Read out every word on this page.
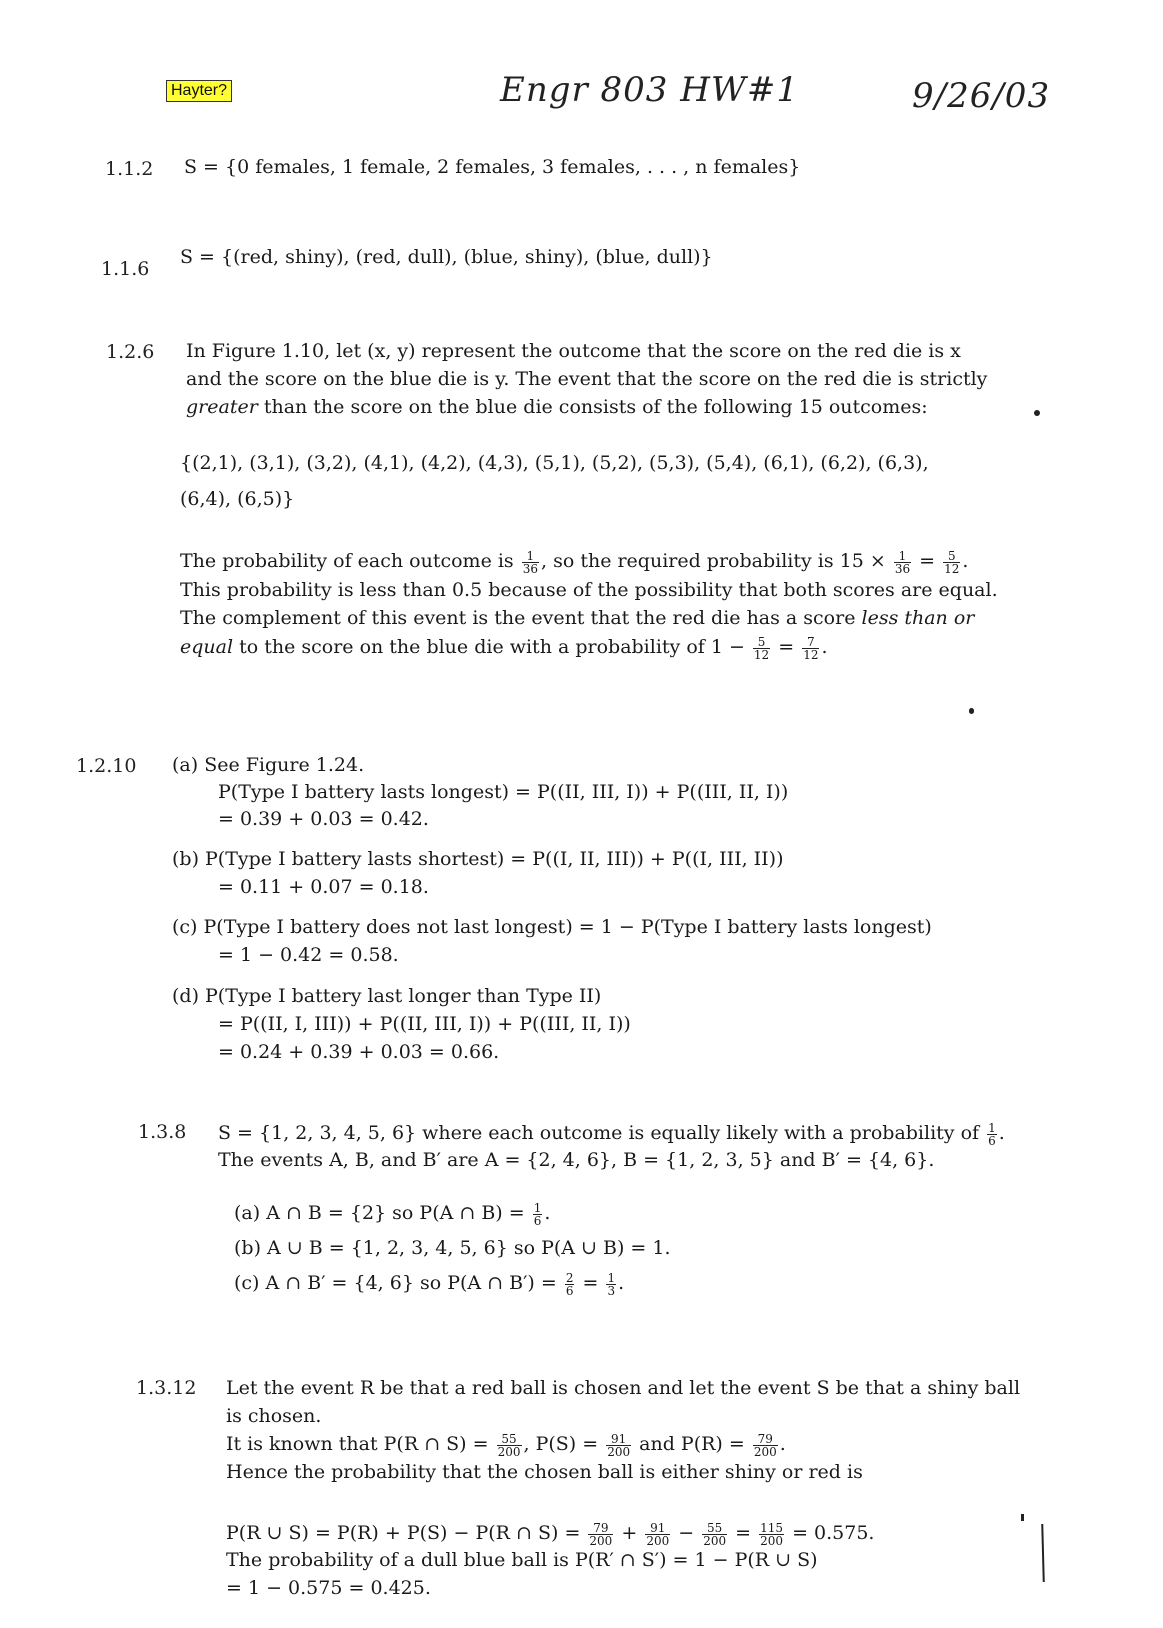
Hayter?	Engr 803 HW#1	9/26/03
1.1.2 S = {0 females, 1 female, 2 females, 3 females, . . . , n females}
1.1.6
S = {(red, shiny), (red, dull), (blue, shiny), (blue, dull)}
1.2.6 In Figure 1.10, let (x, y) represent the outcome that the score on the red die is x
and the score on the blue die is y. The event that the score on the red die is strictly
greater than the score on the blue die consists of the following 15 outcomes:
{(2,1), (3,1), (3,2), (4,1), (4,2), (4,3), (5,1), (5,2), (5,3), (5,4), (6,1), (6,2), (6,3),
(6,4), (6,5)}
The probability of each outcome is $\frac{1}{36}$ , so the required probability is $15 \times \frac{1}{36} = \frac{5}{12}$ .
This probability is less than 0.5 because of the possibility that both scores are equal.
The complement of this event is the event that the red die has a score less than or
equal to the score on the blue die with a probability of $1 - \frac{5}{12} = \frac{7}{12}$ .
1.2.10 (a) See Figure 1.24.
P(Type I battery lasts longest) = P((II, III, I)) + P((III, II, I))
= 0.39 + 0.03 = 0.42.
(b) P(Type I battery lasts shortest) = P((I, II, III)) + P((I, III, II))
= 0.11 + 0.07 = 0.18.
(c) P(Type I battery does not last longest) = 1 − P(Type I battery lasts longest)
= 1 − 0.42 = 0.58.
(d) P(Type I battery last longer than Type II)
= P((II, I, III)) + P((II, III, I)) + P((III, II, I))
= 0.24 + 0.39 + 0.03 = 0.66.
1.3.8 S = {1, 2, 3, 4, 5, 6} where each outcome is equally likely with a probability of $\frac{1}{6}$ .
The events A, B, and B′ are A = {2, 4, 6}, B = {1, 2, 3, 5} and B′ = {4, 6}.
(a) A ∩ B = {2} so P(A ∩ $B) = \frac{1}{6}$ .
(b) A ∪ B = {1, 2, 3, 4, 5, 6} so P(A ∪ B) = 1.
(c) A ∩ B′ = {4, 6} so P(A ∩ $B') = \frac{2}{6} = \frac{1}{3}$ .
1.3.12 Let the event R be that a red ball is chosen and let the event S be that a shiny ball
is chosen.
It is known that P(R ∩ $S) = \frac{55}{200}$ , $P(S) = \frac{91}{200}$ and $P(R) = \frac{79}{200}$ .
Hence the probability that the chosen ball is either shiny or red is
P(R ∪ S) = P(R) + P(S) − P(R ∩ $S) = \frac{79}{200} + \frac{91}{200} - \frac{55}{200} = \frac{115}{200} = 0.575$.
The probability of a dull blue ball is P(R′ ∩ S′) = 1 − P(R ∪ S)
= 1 − 0.575 = 0.425.
